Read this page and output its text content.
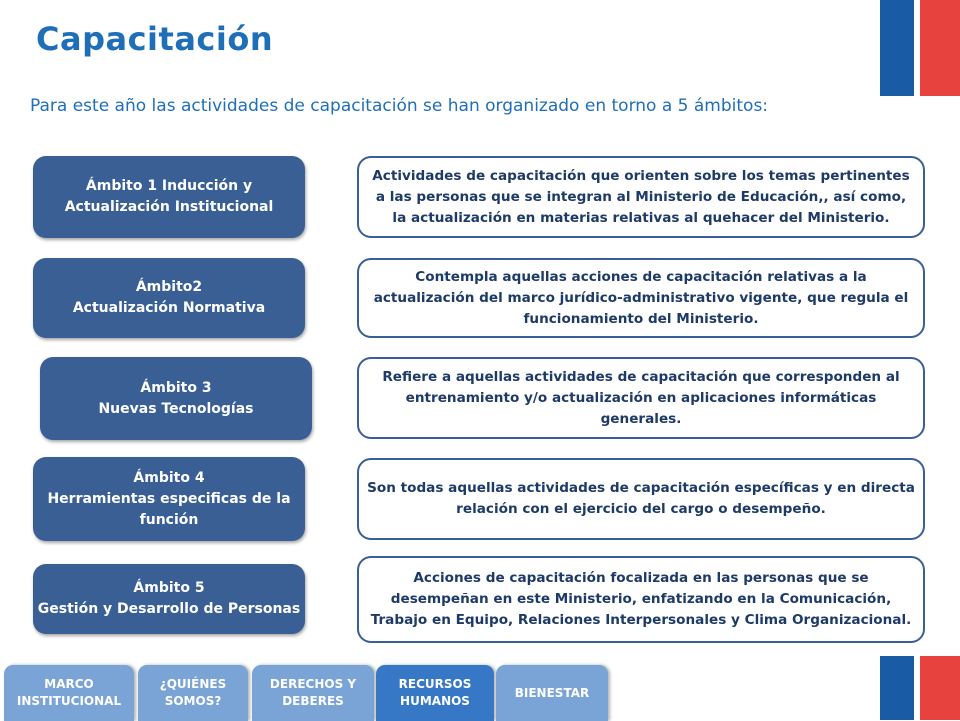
Capacitación
Para este año las actividades de capacitación se han organizado en torno a 5 ámbitos:
Ámbito 1 Inducción y
Actualización Institucional
Actividades de capacitación que orienten sobre los temas pertinentes a las personas que se integran al Ministerio de Educación,, así como, la actualización en materias relativas al quehacer del Ministerio.
Ámbito2
Actualización Normativa
Contempla aquellas acciones de capacitación relativas a la actualización del marco jurídico-administrativo vigente, que regula el funcionamiento del Ministerio.
Ámbito 3
Nuevas Tecnologías
Refiere a aquellas actividades de capacitación que corresponden al entrenamiento y/o actualización en aplicaciones informáticas generales.
Ámbito 4
Herramientas especificas de la función
Son todas aquellas actividades de capacitación específicas y en directa relación con el ejercicio del cargo o desempeño.
Ámbito 5
Gestión y Desarrollo de Personas
Acciones de capacitación focalizada en las personas que se desempeñan en este Ministerio, enfatizando en la Comunicación, Trabajo en Equipo, Relaciones Interpersonales y Clima Organizacional.
MARCO INSTITUCIONAL
¿QUIÉNES SOMOS?
DERECHOS Y DEBERES
RECURSOS HUMANOS
BIENESTAR
